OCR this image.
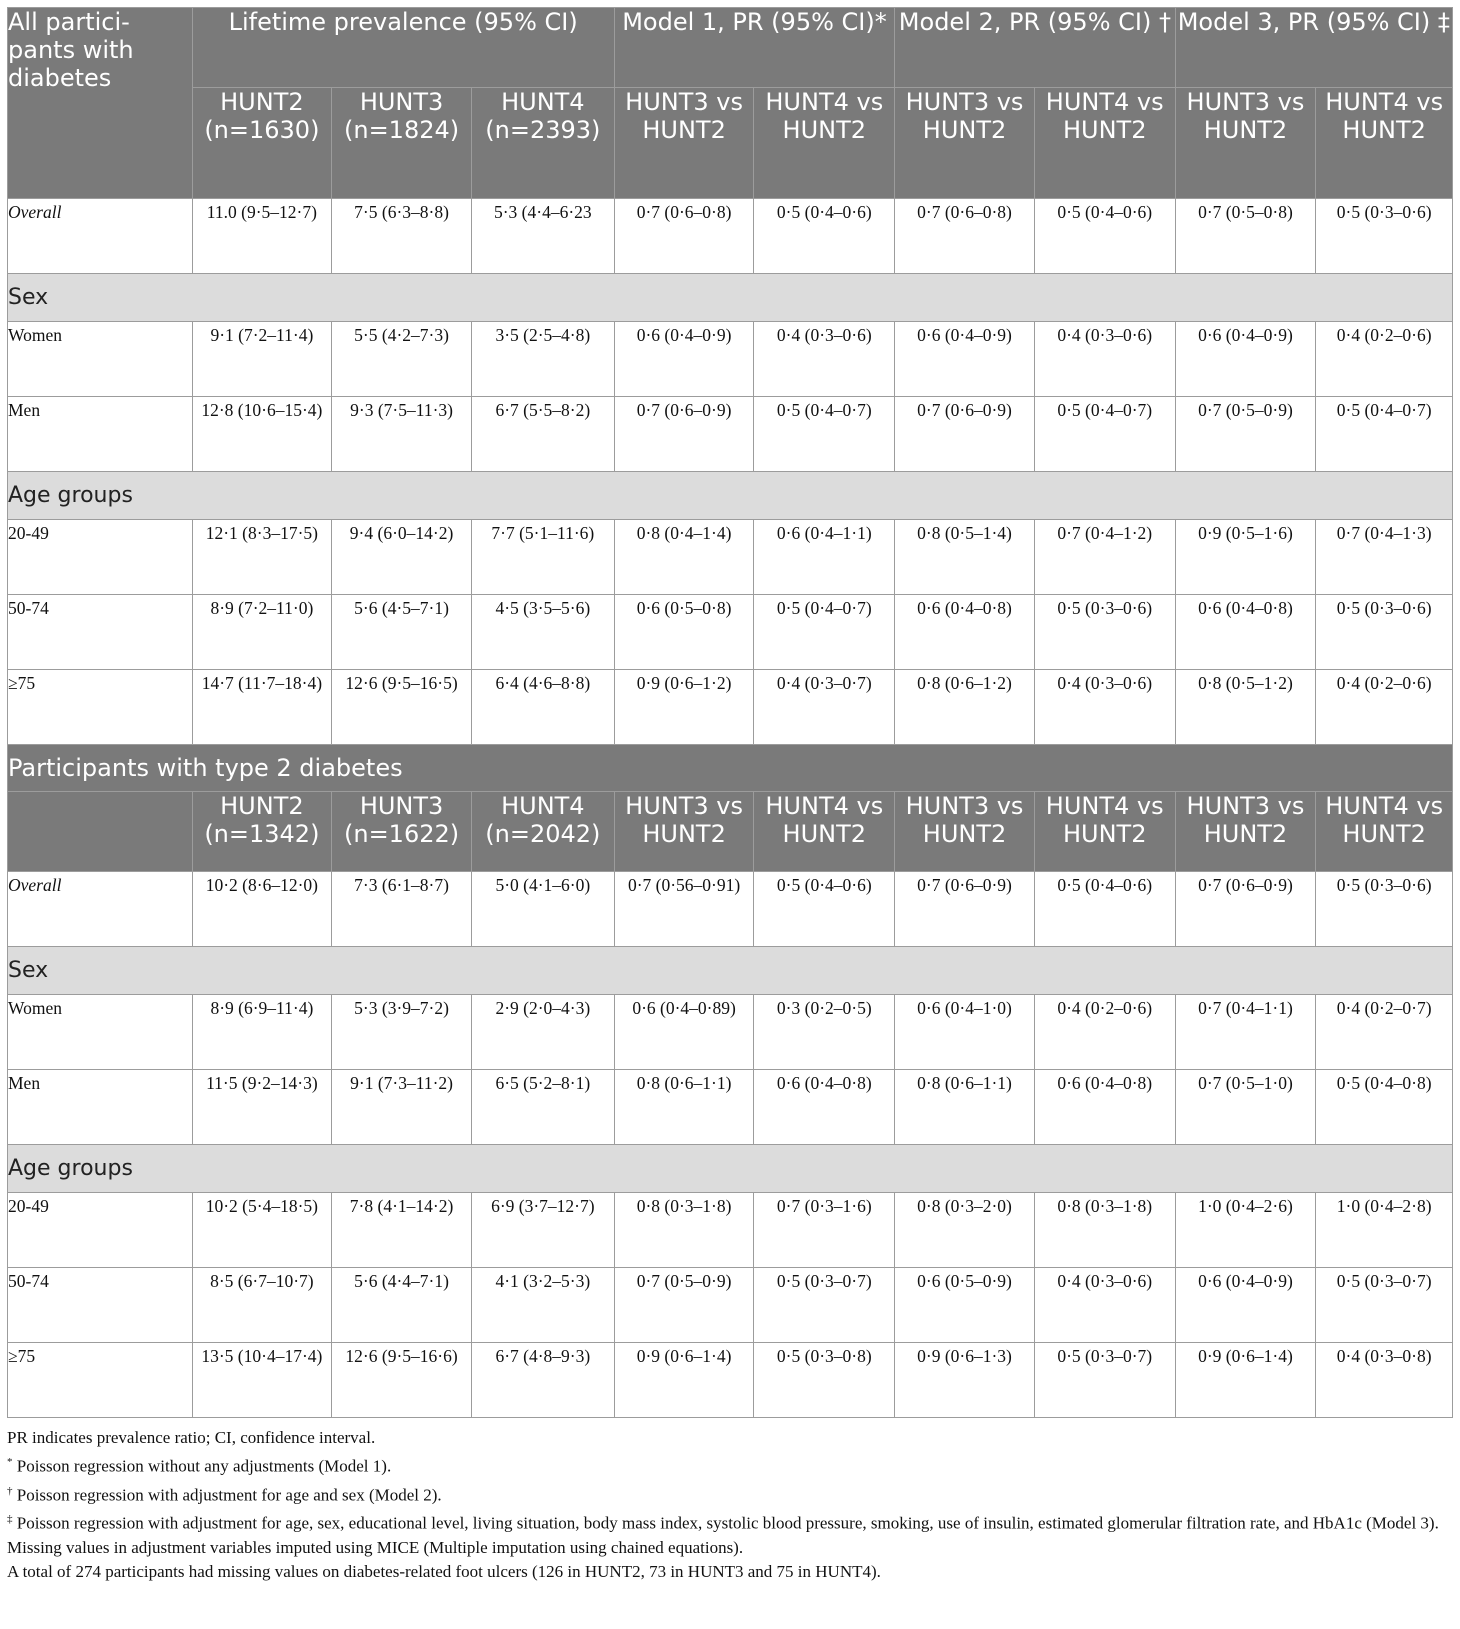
All partici-pants with diabetes	Lifetime prevalence (95% CI)			Model 1, PR (95% CI)*		Model 2, PR (95% CI) †		Model 3, PR (95% CI) ‡	
	HUNT2 (n=1630)	HUNT3 (n=1824)	HUNT4 (n=2393)	HUNT3 vs HUNT2	HUNT4 vs HUNT2	HUNT3 vs HUNT2	HUNT4 vs HUNT2	HUNT3 vs HUNT2	HUNT4 vs HUNT2
Overall	11.0 (9·5–12·7)	7·5 (6·3–8·8)	5·3 (4·4–6·23	0·7 (0·6–0·8)	0·5 (0·4–0·6)	0·7 (0·6–0·8)	0·5 (0·4–0·6)	0·7 (0·5–0·8)	0·5 (0·3–0·6)
Sex									
Women	9·1 (7·2–11·4)	5·5 (4·2–7·3)	3·5 (2·5–4·8)	0·6 (0·4–0·9)	0·4 (0·3–0·6)	0·6 (0·4–0·9)	0·4 (0·3–0·6)	0·6 (0·4–0·9)	0·4 (0·2–0·6)
Men	12·8 (10·6–15·4)	9·3 (7·5–11·3)	6·7 (5·5–8·2)	0·7 (0·6–0·9)	0·5 (0·4–0·7)	0·7 (0·6–0·9)	0·5 (0·4–0·7)	0·7 (0·5–0·9)	0·5 (0·4–0·7)
Age groups									
20-49	12·1 (8·3–17·5)	9·4 (6·0–14·2)	7·7 (5·1–11·6)	0·8 (0·4–1·4)	0·6 (0·4–1·1)	0·8 (0·5–1·4)	0·7 (0·4–1·2)	0·9 (0·5–1·6)	0·7 (0·4–1·3)
50-74	8·9 (7·2–11·0)	5·6 (4·5–7·1)	4·5 (3·5–5·6)	0·6 (0·5–0·8)	0·5 (0·4–0·7)	0·6 (0·4–0·8)	0·5 (0·3–0·6)	0·6 (0·4–0·8)	0·5 (0·3–0·6)
≥75	14·7 (11·7–18·4)	12·6 (9·5–16·5)	6·4 (4·6–8·8)	0·9 (0·6–1·2)	0·4 (0·3–0·7)	0·8 (0·6–1·2)	0·4 (0·3–0·6)	0·8 (0·5–1·2)	0·4 (0·2–0·6)
Participants with type 2 diabetes									
	HUNT2 (n=1342)	HUNT3 (n=1622)	HUNT4 (n=2042)	HUNT3 vs HUNT2	HUNT4 vs HUNT2	HUNT3 vs HUNT2	HUNT4 vs HUNT2	HUNT3 vs HUNT2	HUNT4 vs HUNT2
Overall	10·2 (8·6–12·0)	7·3 (6·1–8·7)	5·0 (4·1–6·0)	0·7 (0·56–0·91)	0·5 (0·4–0·6)	0·7 (0·6–0·9)	0·5 (0·4–0·6)	0·7 (0·6–0·9)	0·5 (0·3–0·6)
Sex									
Women	8·9 (6·9–11·4)	5·3 (3·9–7·2)	2·9 (2·0–4·3)	0·6 (0·4–0·89)	0·3 (0·2–0·5)	0·6 (0·4–1·0)	0·4 (0·2–0·6)	0·7 (0·4–1·1)	0·4 (0·2–0·7)
Men	11·5 (9·2–14·3)	9·1 (7·3–11·2)	6·5 (5·2–8·1)	0·8 (0·6–1·1)	0·6 (0·4–0·8)	0·8 (0·6–1·1)	0·6 (0·4–0·8)	0·7 (0·5–1·0)	0·5 (0·4–0·8)
Age groups									
20-49	10·2 (5·4–18·5)	7·8 (4·1–14·2)	6·9 (3·7–12·7)	0·8 (0·3–1·8)	0·7 (0·3–1·6)	0·8 (0·3–2·0)	0·8 (0·3–1·8)	1·0 (0·4–2·6)	1·0 (0·4–2·8)
50-74	8·5 (6·7–10·7)	5·6 (4·4–7·1)	4·1 (3·2–5·3)	0·7 (0·5–0·9)	0·5 (0·3–0·7)	0·6 (0·5–0·9)	0·4 (0·3–0·6)	0·6 (0·4–0·9)	0·5 (0·3–0·7)
≥75	13·5 (10·4–17·4)	12·6 (9·5–16·6)	6·7 (4·8–9·3)	0·9 (0·6–1·4)	0·5 (0·3–0·8)	0·9 (0·6–1·3)	0·5 (0·3–0·7)	0·9 (0·6–1·4)	0·4 (0·3–0·8)
PR indicates prevalence ratio; CI, confidence interval.
* Poisson regression without any adjustments (Model 1).
† Poisson regression with adjustment for age and sex (Model 2).
‡ Poisson regression with adjustment for age, sex, educational level, living situation, body mass index, systolic blood pressure, smoking, use of insulin, estimated glomerular filtration rate, and HbA1c (Model 3). Missing values in adjustment variables imputed using MICE (Multiple imputation using chained equations).
A total of 274 participants had missing values on diabetes-related foot ulcers (126 in HUNT2, 73 in HUNT3 and 75 in HUNT4).
